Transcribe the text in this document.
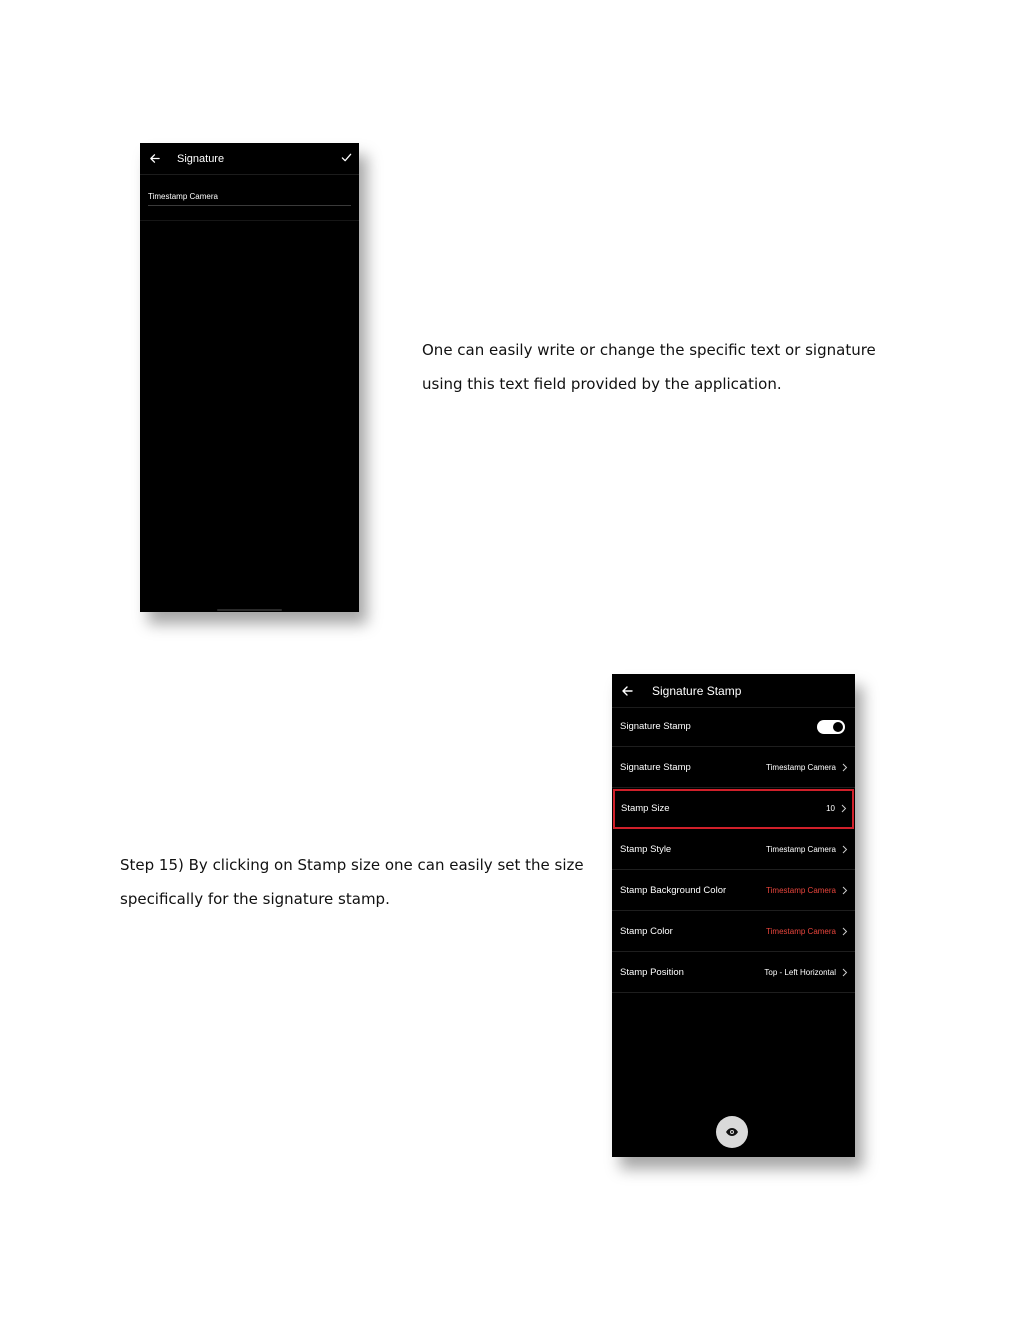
Signature
Timestamp Camera

One can easily write or change the specific text or signature using this text field provided by the application.

Step 15) By clicking on Stamp size one can easily set the size specifically for the signature stamp.

Signature Stamp
Signature Stamp
Signature Stamp	Timestamp Camera
Stamp Size	10
Stamp Style	Timestamp Camera
Stamp Background Color	Timestamp Camera
Stamp Color	Timestamp Camera
Stamp Position	Top - Left Horizontal
